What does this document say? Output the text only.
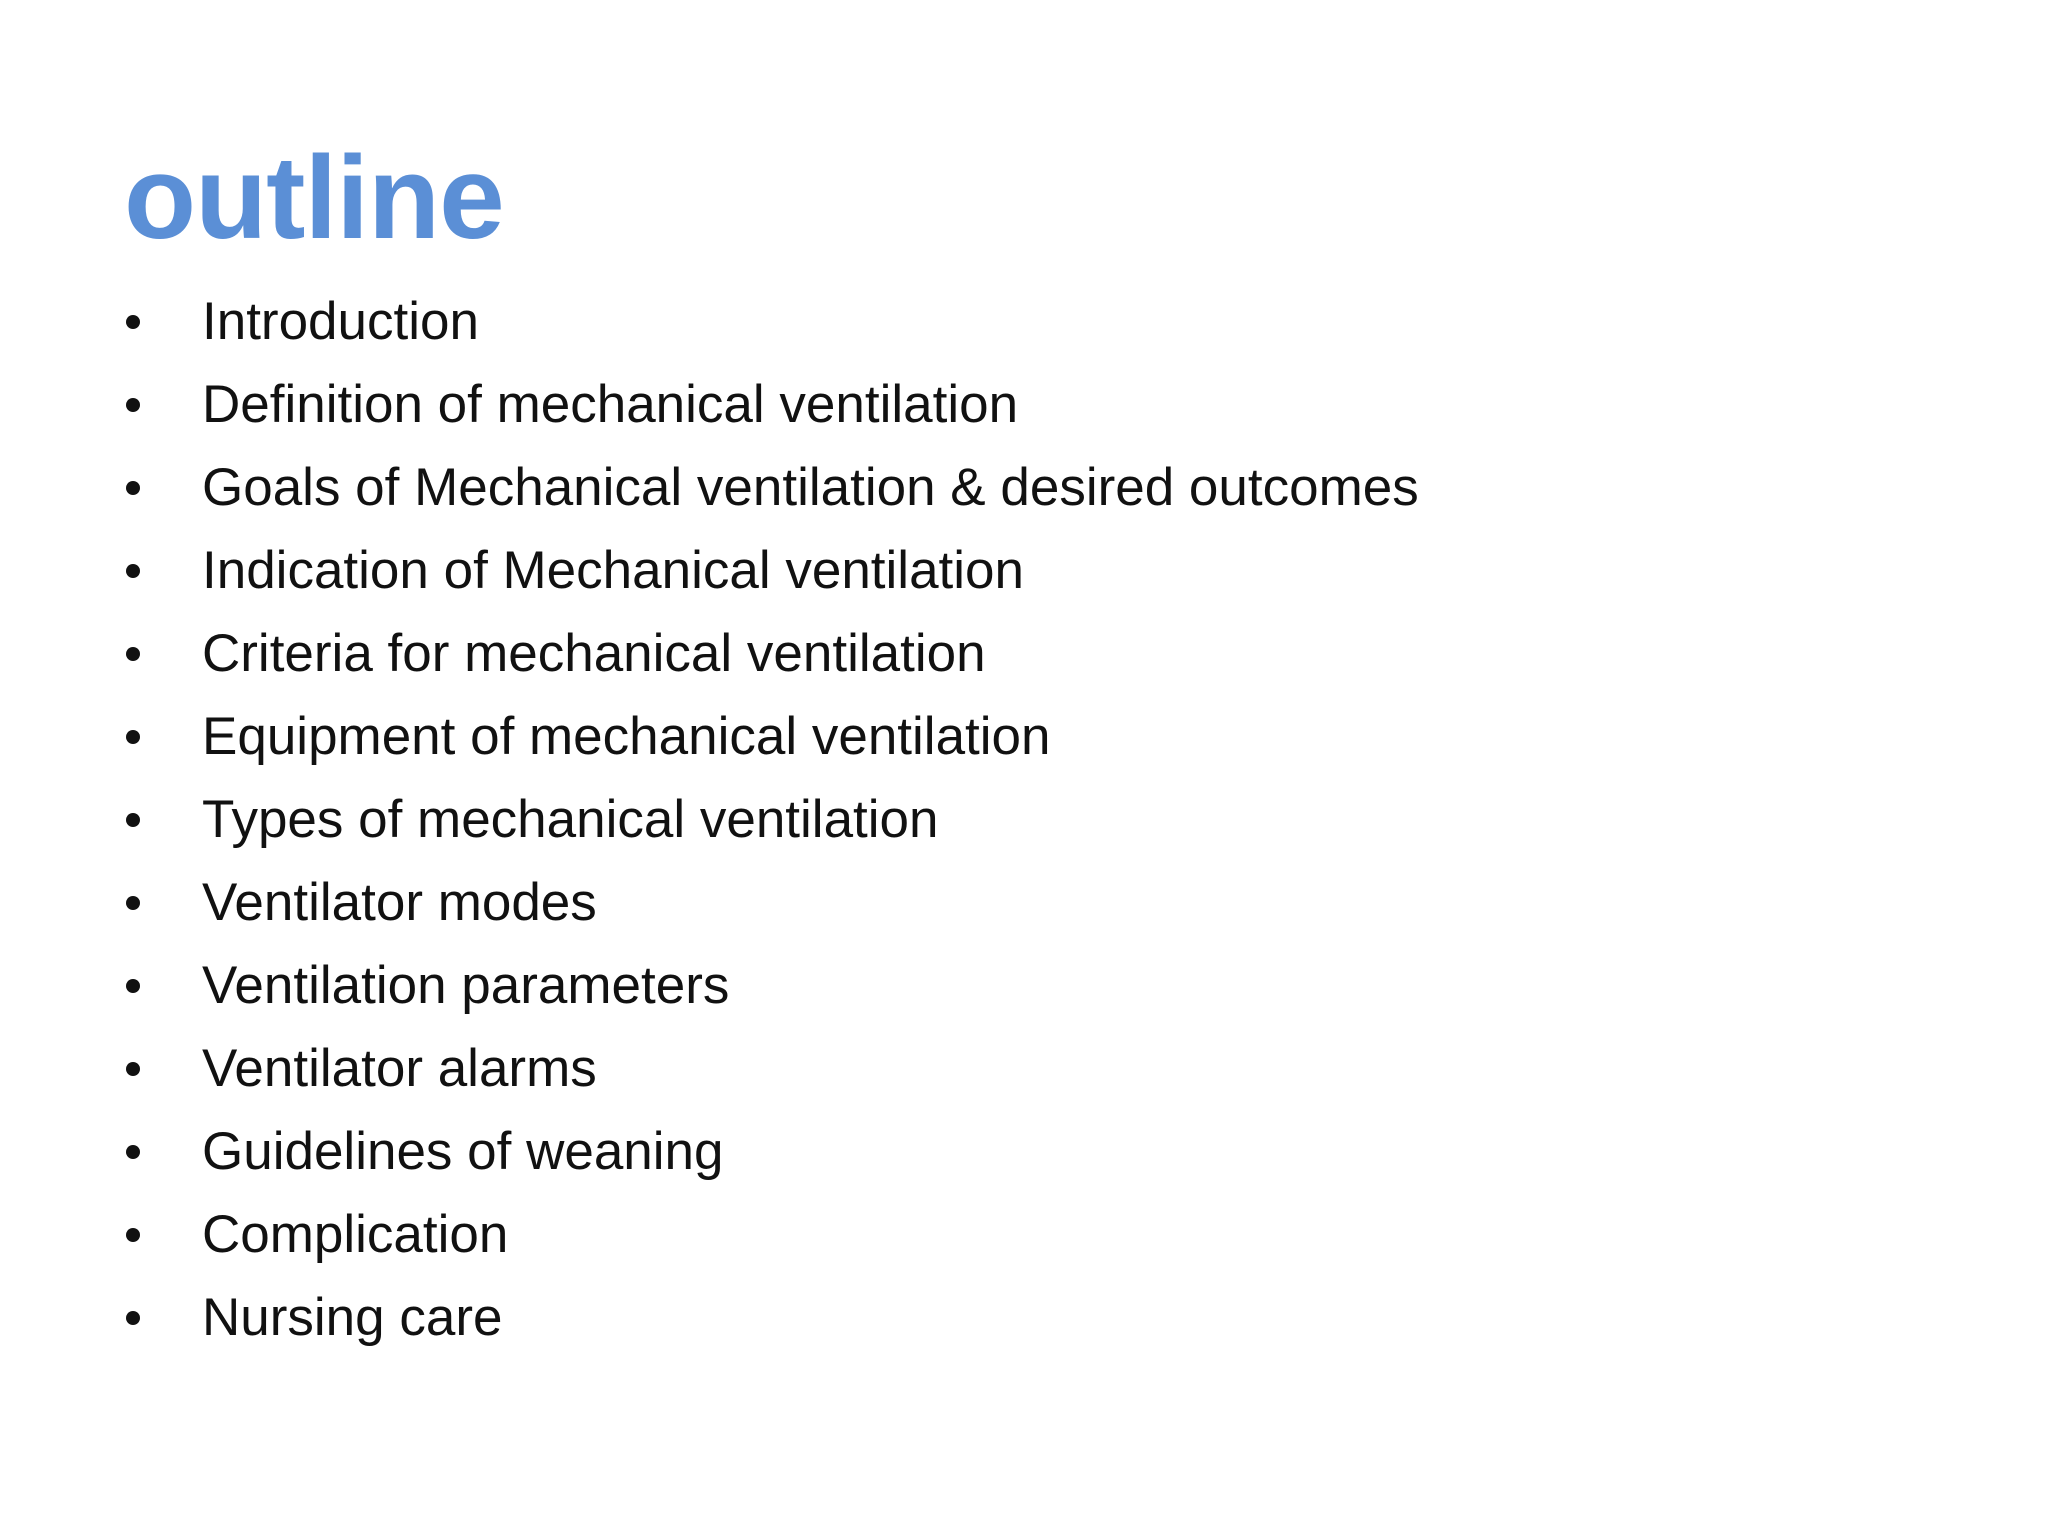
outline
Introduction
Definition of mechanical ventilation
Goals of Mechanical ventilation & desired outcomes
Indication of Mechanical ventilation
Criteria for mechanical ventilation
Equipment of mechanical ventilation
Types of mechanical ventilation
Ventilator modes
Ventilation parameters
Ventilator alarms
Guidelines of weaning
Complication
Nursing care
